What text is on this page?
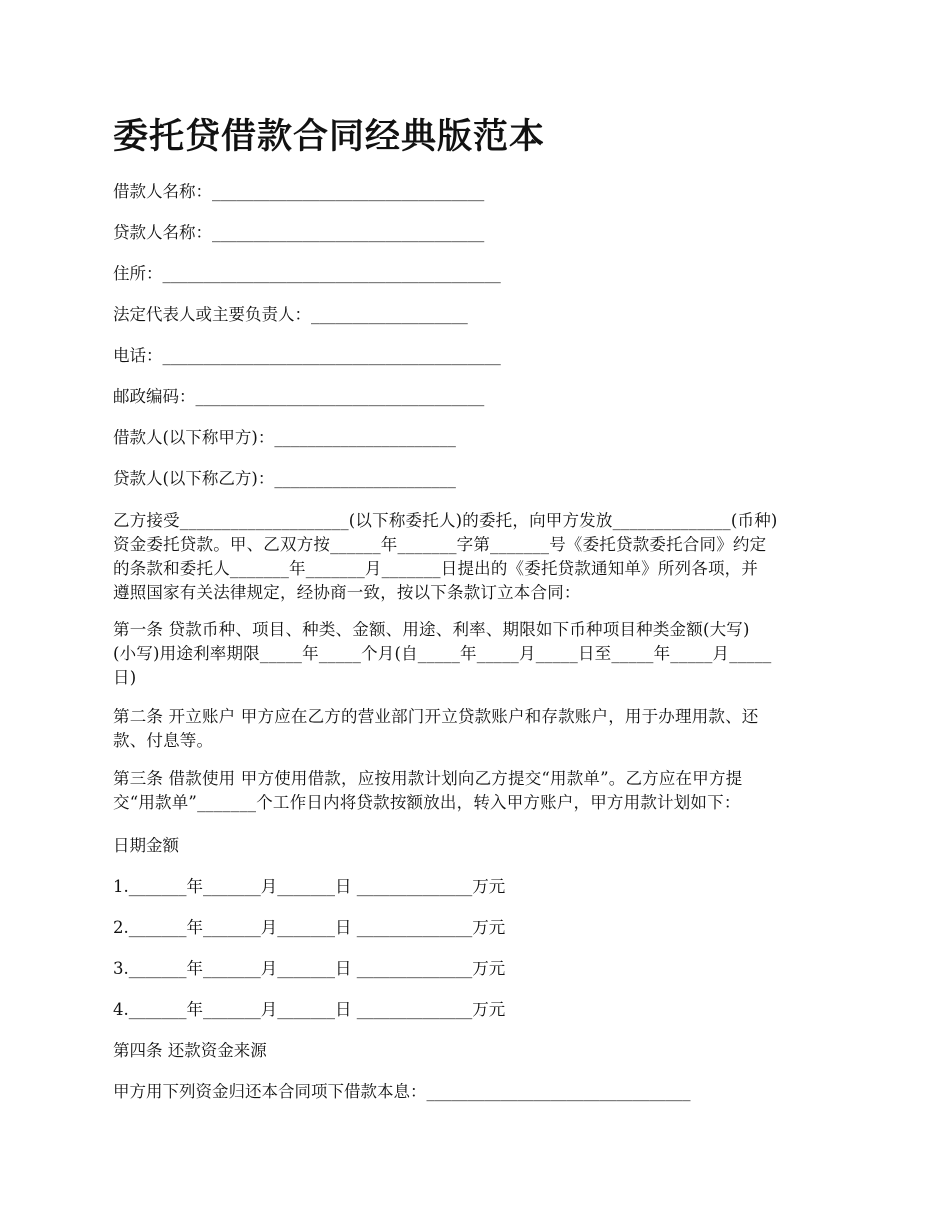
委托贷借款合同经典版范本
借款人名称：_________________________________
贷款人名称：_________________________________
住所：_________________________________________
法定代表人或主要负责人：___________________
电话：_________________________________________
邮政编码：___________________________________
借款人(以下称甲方)：______________________
贷款人(以下称乙方)：______________________
乙方接受____________________(以下称委托人)的委托，向甲方发放______________(币种)
资金委托贷款。甲、乙双方按______年_______字第_______号《委托贷款委托合同》约定
的条款和委托人_______年_______月_______日提出的《委托贷款通知单》所列各项，并
遵照国家有关法律规定，经协商一致，按以下条款订立本合同：
第一条 贷款币种、项目、种类、金额、用途、利率、期限如下币种项目种类金额(大写)
(小写)用途利率期限_____年_____个月(自_____年_____月_____日至_____年_____月_____
日)
第二条 开立账户 甲方应在乙方的营业部门开立贷款账户和存款账户，用于办理用款、还
款、付息等。
第三条 借款使用 甲方使用借款，应按用款计划向乙方提交“用款单”。乙方应在甲方提
交“用款单”_______个工作日内将贷款按额放出，转入甲方账户，甲方用款计划如下：
日期金额
1._______年_______月_______日 ______________万元
2._______年_______月_______日 ______________万元
3._______年_______月_______日 ______________万元
4._______年_______月_______日 ______________万元
第四条 还款资金来源
甲方用下列资金归还本合同项下借款本息：________________________________
